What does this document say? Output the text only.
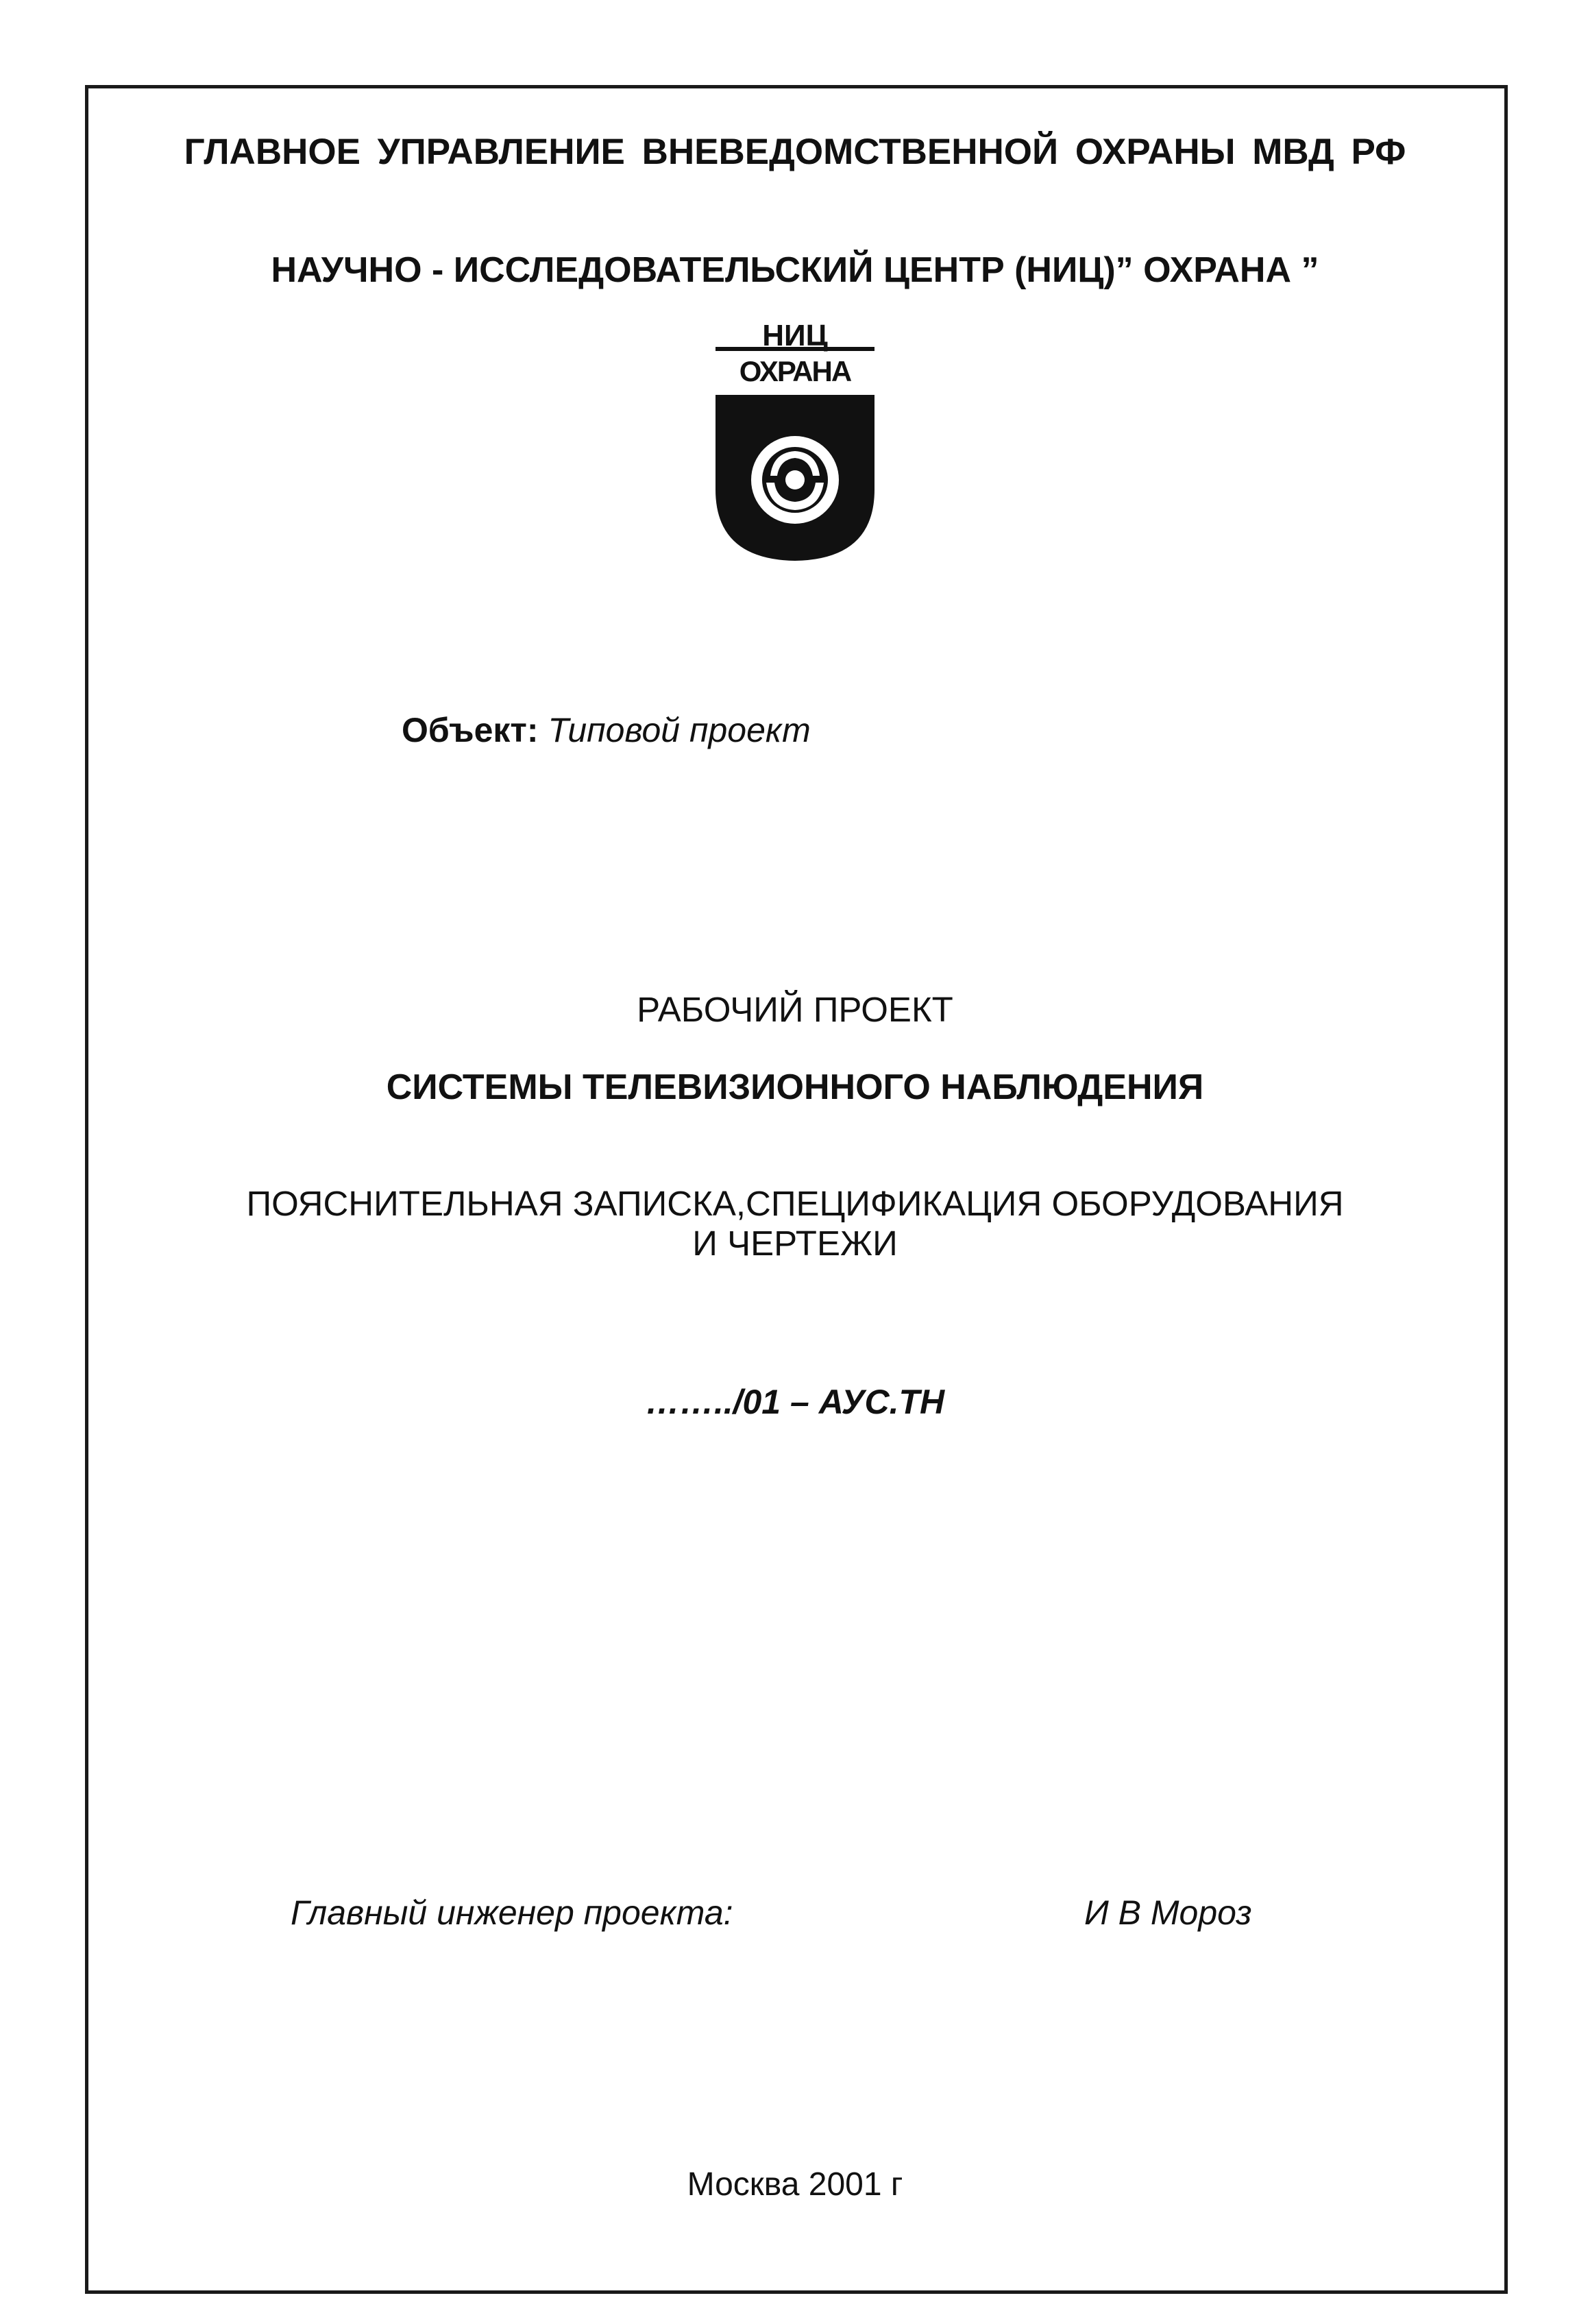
ГЛАВНОЕ УПРАВЛЕНИЕ ВНЕВЕДОМСТВЕННОЙ ОХРАНЫ МВД РФ
НАУЧНО - ИССЛЕДОВАТЕЛЬСКИЙ ЦЕНТР (НИЦ)” ОХРАНА ”
НИЦ
ОХРАНА
Объект: Типовой проект
РАБОЧИЙ ПРОЕКТ
СИСТЕМЫ ТЕЛЕВИЗИОННОГО НАБЛЮДЕНИЯ
ПОЯСНИТЕЛЬНАЯ ЗАПИСКА,СПЕЦИФИКАЦИЯ ОБОРУДОВАНИЯ
И ЧЕРТЕЖИ
……../01 – АУС.ТН
Главный инженер проекта:	И В Мороз
Москва 2001 г
